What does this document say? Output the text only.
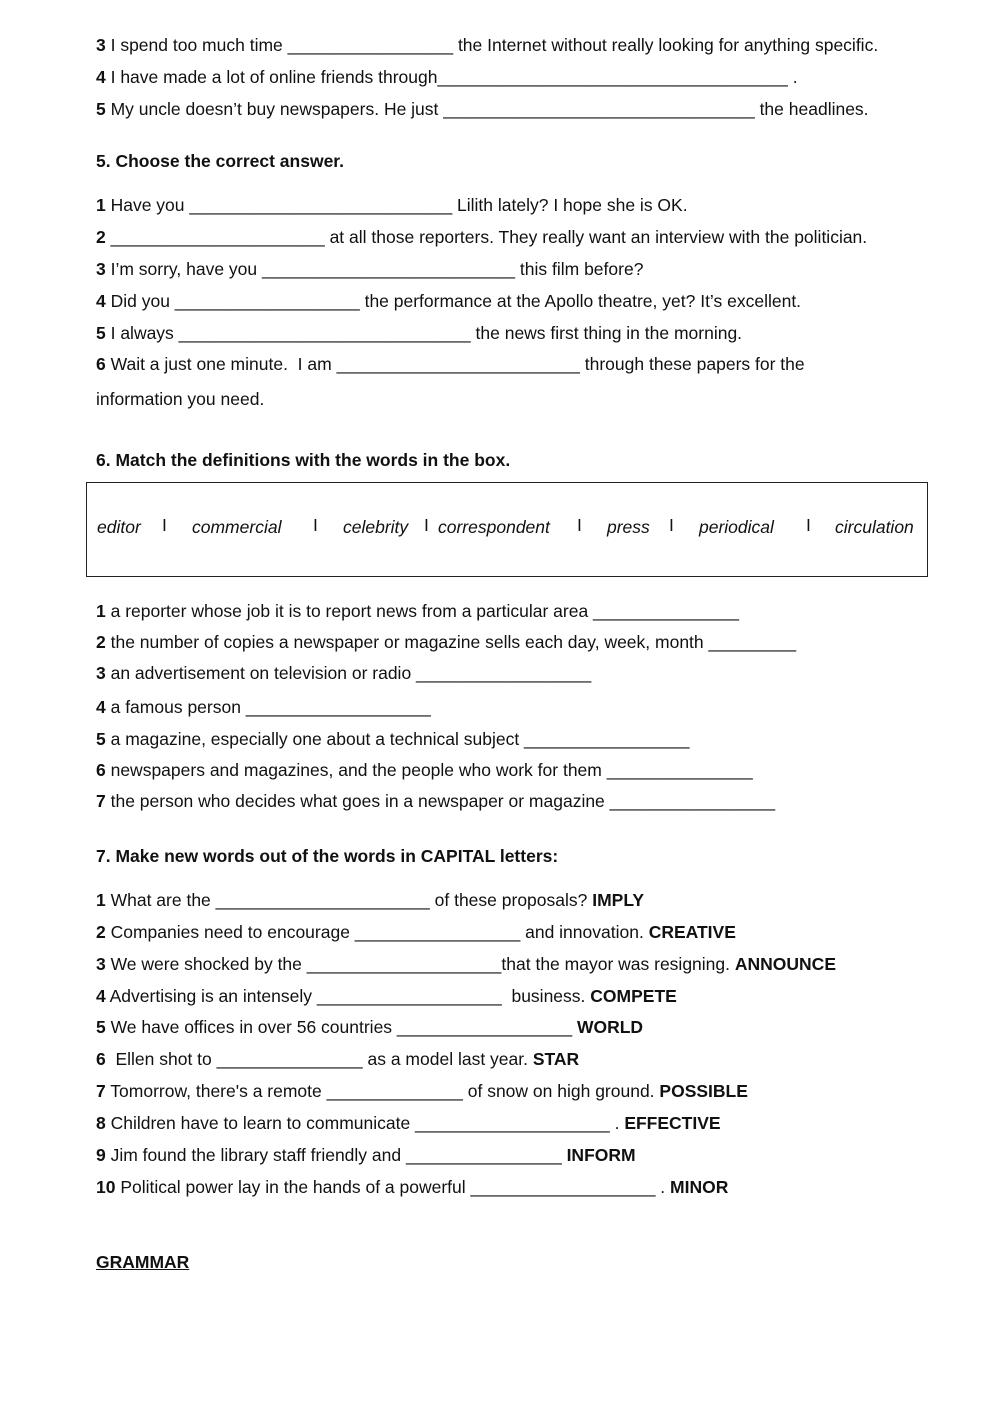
3 I spend too much time _________________ the Internet without really looking for anything specific.
4 I have made a lot of online friends through____________________________________ .
5 My uncle doesn’t buy newspapers. He just ________________________________ the headlines.
5. Choose the correct answer.
1 Have you ___________________________ Lilith lately? I hope she is OK.
2 ______________________ at all those reporters. They really want an interview with the politician.
3 I’m sorry, have you __________________________ this film before?
4 Did you ___________________ the performance at the Apollo theatre, yet? It’s excellent.
5 I always ______________________________ the news first thing in the morning.
6 Wait a just one minute.  I am _________________________ through these papers for the
information you need.
6. Match the definitions with the words in the box.
editor I commercial I celebrity I correspondent I press I periodical I circulation
1 a reporter whose job it is to report news from a particular area _______________
2 the number of copies a newspaper or magazine sells each day, week, month _________
3 an advertisement on television or radio __________________
4 a famous person ___________________
5 a magazine, especially one about a technical subject _________________
6 newspapers and magazines, and the people who work for them _______________
7 the person who decides what goes in a newspaper or magazine _________________
7. Make new words out of the words in CAPITAL letters:
1 What are the ______________________ of these proposals? IMPLY
2 Companies need to encourage _________________ and innovation. CREATIVE
3 We were shocked by the ____________________that the mayor was resigning. ANNOUNCE
4 Advertising is an intensely ___________________  business. COMPETE
5 We have offices in over 56 countries __________________ WORLD
6  Ellen shot to _______________ as a model last year. STAR
7 Tomorrow, there's a remote ______________ of snow on high ground. POSSIBLE
8 Children have to learn to communicate ____________________ . EFFECTIVE
9 Jim found the library staff friendly and ________________ INFORM
10 Political power lay in the hands of a powerful ___________________ . MINOR
GRAMMAR
